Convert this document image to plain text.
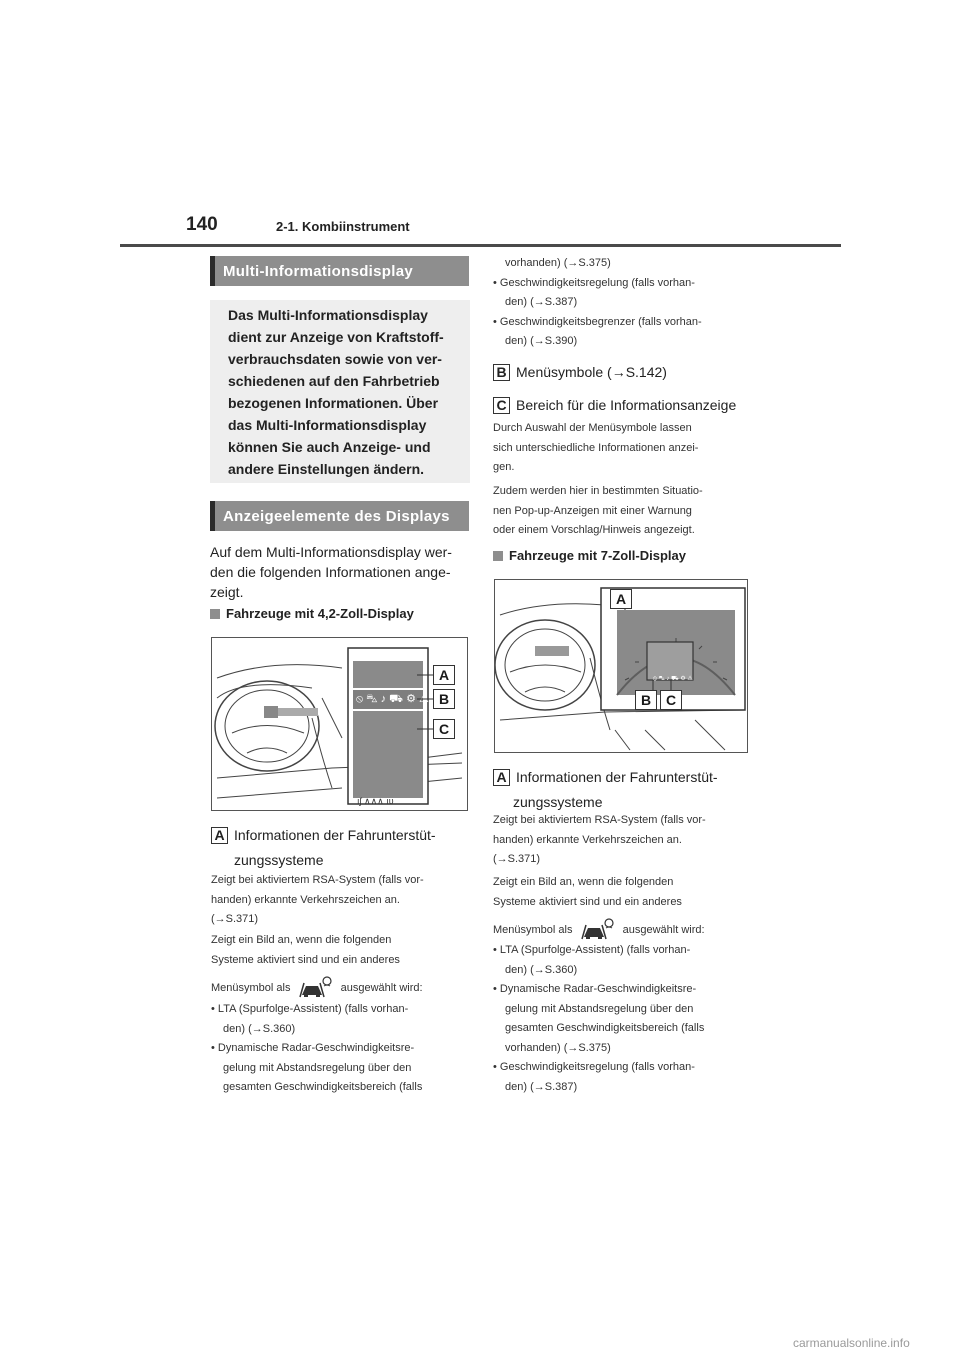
140	2-1. Kombiinstrument
Multi-Informationsdisplay
Das Multi-Informationsdisplay
dient zur Anzeige von Kraftstoff-
verbrauchsdaten sowie von ver-
schiedenen auf den Fahrbetrieb
bezogenen Informationen. Über
das Multi-Informationsdisplay
können Sie auch Anzeige- und
andere Einstellungen ändern.
Anzeigeelemente des Displays
Auf dem Multi-Informationsdisplay wer-
den die folgenden Informationen ange-
zeigt.
Fahrzeuge mit 4,2-Zoll-Display
⦸ ⛍ ♪ ⛟ ⚙ ⚠
A
B
C
ıʃ ∧∧∧ ıʋ
A Informationen der Fahrunterstüt-
zungssysteme
Zeigt bei aktiviertem RSA-System (falls vor-
handen) erkannte Verkehrszeichen an.
(→S.371)
Zeigt ein Bild an, wenn die folgenden
Systeme aktiviert sind und ein anderes
Menüsymbol als	ausgewählt wird:
• LTA (Spurfolge-Assistent) (falls vorhan-
den) (→S.360)
• Dynamische Radar-Geschwindigkeitsre-
gelung mit Abstandsregelung über den
gesamten Geschwindigkeitsbereich (falls
vorhanden) (→S.375)
• Geschwindigkeitsregelung (falls vorhan-
den) (→S.387)
• Geschwindigkeitsbegrenzer (falls vorhan-
den) (→S.390)
B Menüsymbole (→S.142)
C Bereich für die Informationsanzeige
Durch Auswahl der Menüsymbole lassen
sich unterschiedliche Informationen anzei-
gen.
Zudem werden hier in bestimmten Situatio-
nen Pop-up-Anzeigen mit einer Warnung
oder einem Vorschlag/Hinweis angezeigt.
Fahrzeuge mit 7-Zoll-Display
⦸ ⛍ ♪ ⛟ ⚙ ⚠
A
B	C
A Informationen der Fahrunterstüt-
zungssysteme
Zeigt bei aktiviertem RSA-System (falls vor-
handen) erkannte Verkehrszeichen an.
(→S.371)
Zeigt ein Bild an, wenn die folgenden
Systeme aktiviert sind und ein anderes
Menüsymbol als	ausgewählt wird:
• LTA (Spurfolge-Assistent) (falls vorhan-
den) (→S.360)
• Dynamische Radar-Geschwindigkeitsre-
gelung mit Abstandsregelung über den
gesamten Geschwindigkeitsbereich (falls
vorhanden) (→S.375)
• Geschwindigkeitsregelung (falls vorhan-
den) (→S.387)
carmanualsonline.info
